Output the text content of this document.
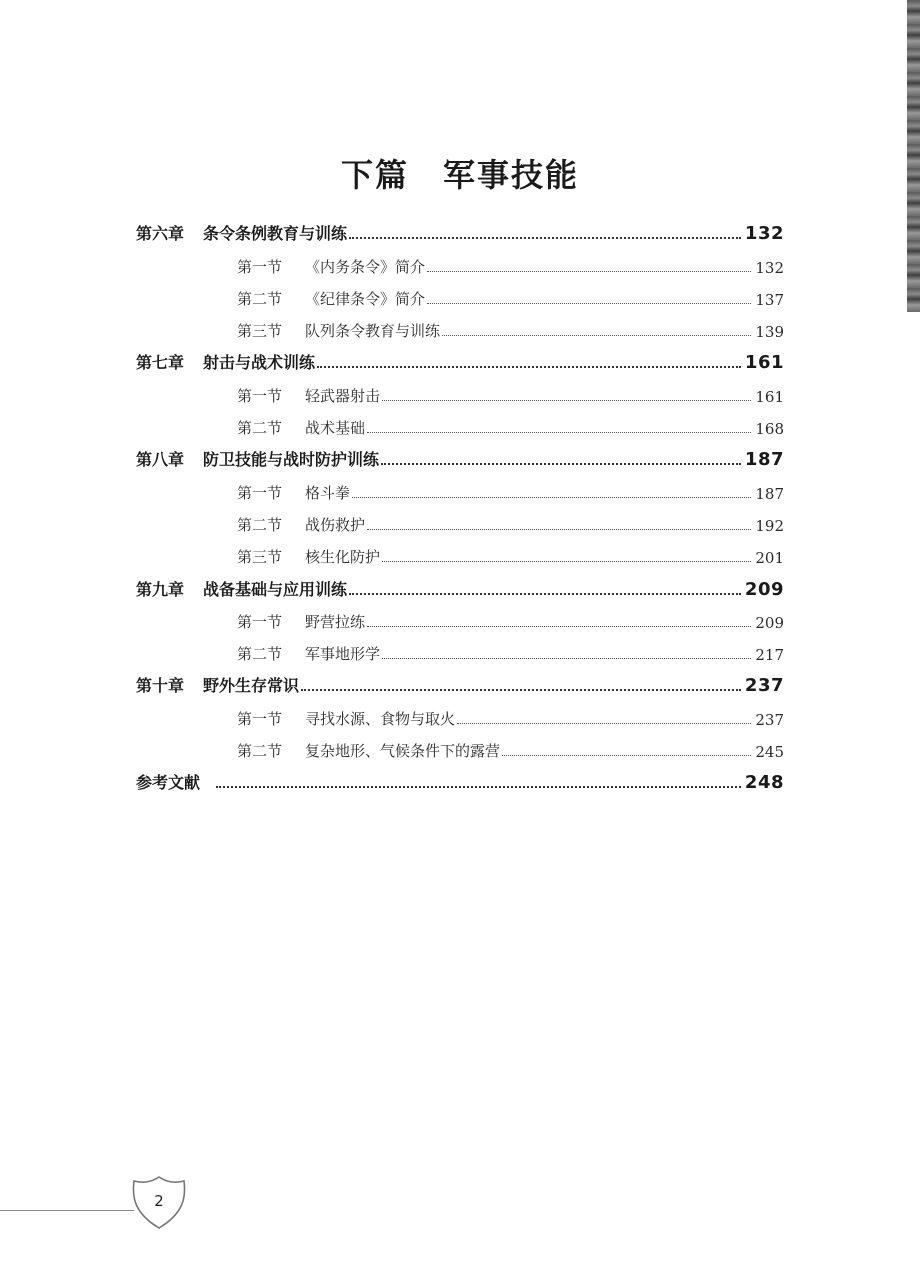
下篇　军事技能
第六章	条令条例教育与训练	132
第一节	《内务条令》简介	132
第二节	《纪律条令》简介	137
第三节	队列条令教育与训练	139
第七章	射击与战术训练	161
第一节	轻武器射击	161
第二节	战术基础	168
第八章	防卫技能与战时防护训练	187
第一节	格斗拳	187
第二节	战伤救护	192
第三节	核生化防护	201
第九章	战备基础与应用训练	209
第一节	野营拉练	209
第二节	军事地形学	217
第十章	野外生存常识	237
第一节	寻找水源、食物与取火	237
第二节	复杂地形、气候条件下的露营	245
参考文献	248
2
